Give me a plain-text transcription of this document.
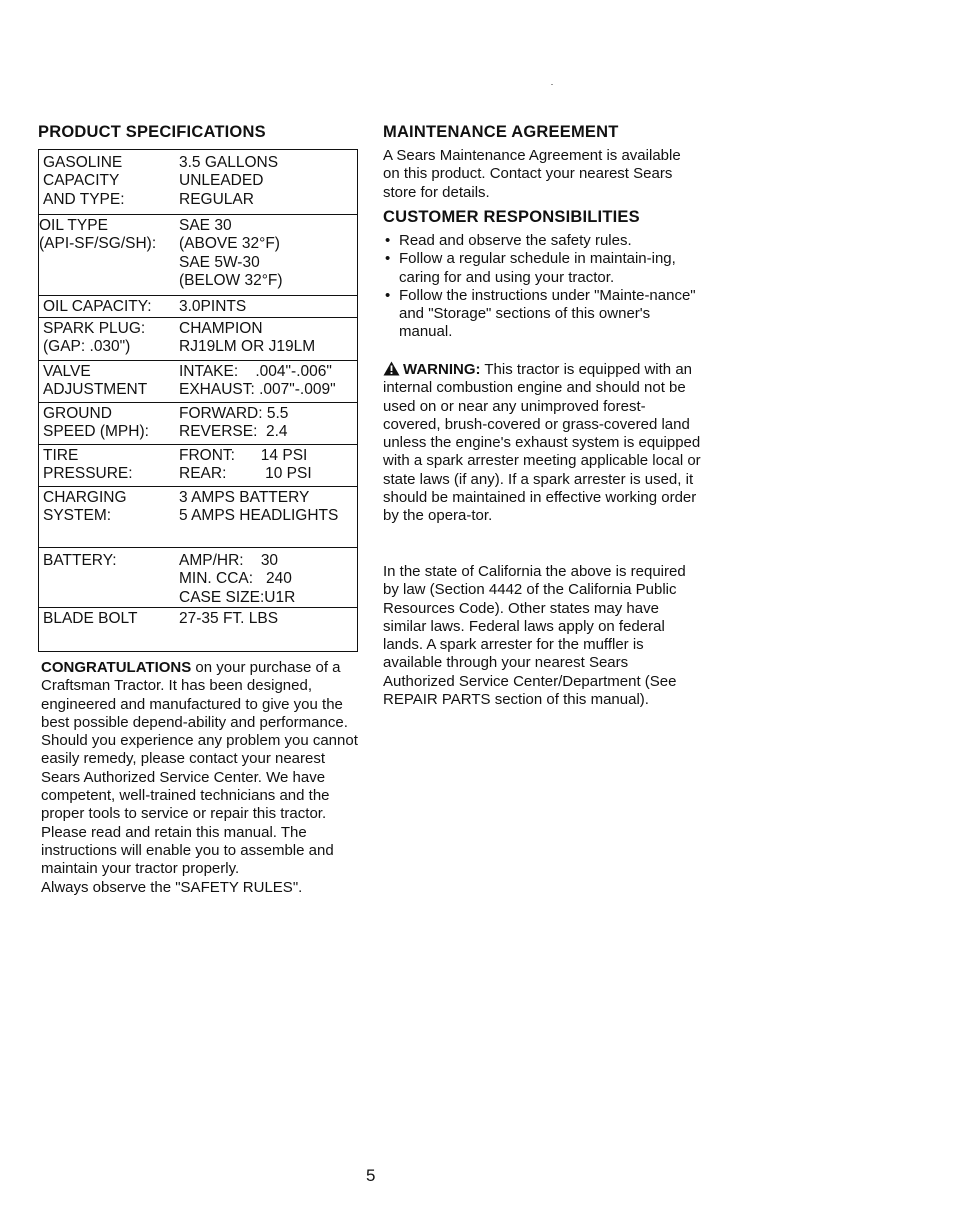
PRODUCT SPECIFICATIONS
GASOLINE
CAPACITY
AND TYPE:
3.5 GALLONS
UNLEADED
REGULAR
OIL TYPE
(API-SF/SG/SH):
SAE 30
(ABOVE 32°F)
SAE 5W-30
(BELOW 32°F)
OIL CAPACITY: 3.0PINTS
SPARK PLUG:
(GAP: .030")
CHAMPION
RJ19LM OR J19LM
VALVE
ADJUSTMENT
INTAKE:    .004"-.006"
EXHAUST: .007"-.009"
GROUND
SPEED (MPH):
FORWARD: 5.5
REVERSE:  2.4
TIRE
PRESSURE:
FRONT:      14 PSI
REAR:         10 PSI
CHARGING
SYSTEM:
3 AMPS BATTERY
5 AMPS HEADLIGHTS
BATTERY:	AMP/HR:    30
MIN. CCA:   240
CASE SIZE:U1R
BLADE BOLT	27-35 FT. LBS

CONGRATULATIONS on your purchase of a Craftsman Tractor. It has been designed, engineered and manufactured to give you the best possible depend-ability and performance.

Should you experience any problem you cannot easily remedy, please contact your nearest Sears Authorized Service Center. We have competent, well-trained technicians and the proper tools to service or repair this tractor.

Please read and retain this manual. The instructions will enable you to assemble and maintain your tractor properly.

Always observe the "SAFETY RULES".

MAINTENANCE AGREEMENT

A Sears Maintenance Agreement is available on this product. Contact your nearest Sears store for details.

CUSTOMER RESPONSIBILITIES
• Read and observe the safety rules.
• Follow a regular schedule in maintain-ing, caring for and using your tractor.
• Follow the instructions under "Mainte-nance" and "Storage" sections of this owner's manual.

WARNING: This tractor is equipped with an internal combustion engine and should not be used on or near any unimproved forest-covered, brush-covered or grass-covered land unless the engine's exhaust system is equipped with a spark arrester meeting applicable local or state laws (if any). If a spark arrester is used, it should be maintained in effective working order by the opera-tor.

In the state of California the above is required by law (Section 4442 of the California Public Resources Code). Other states may have similar laws. Federal laws apply on federal lands. A spark arrester for the muffler is available through your nearest Sears Authorized Service Center/Department (See REPAIR PARTS section of this manual).

5
